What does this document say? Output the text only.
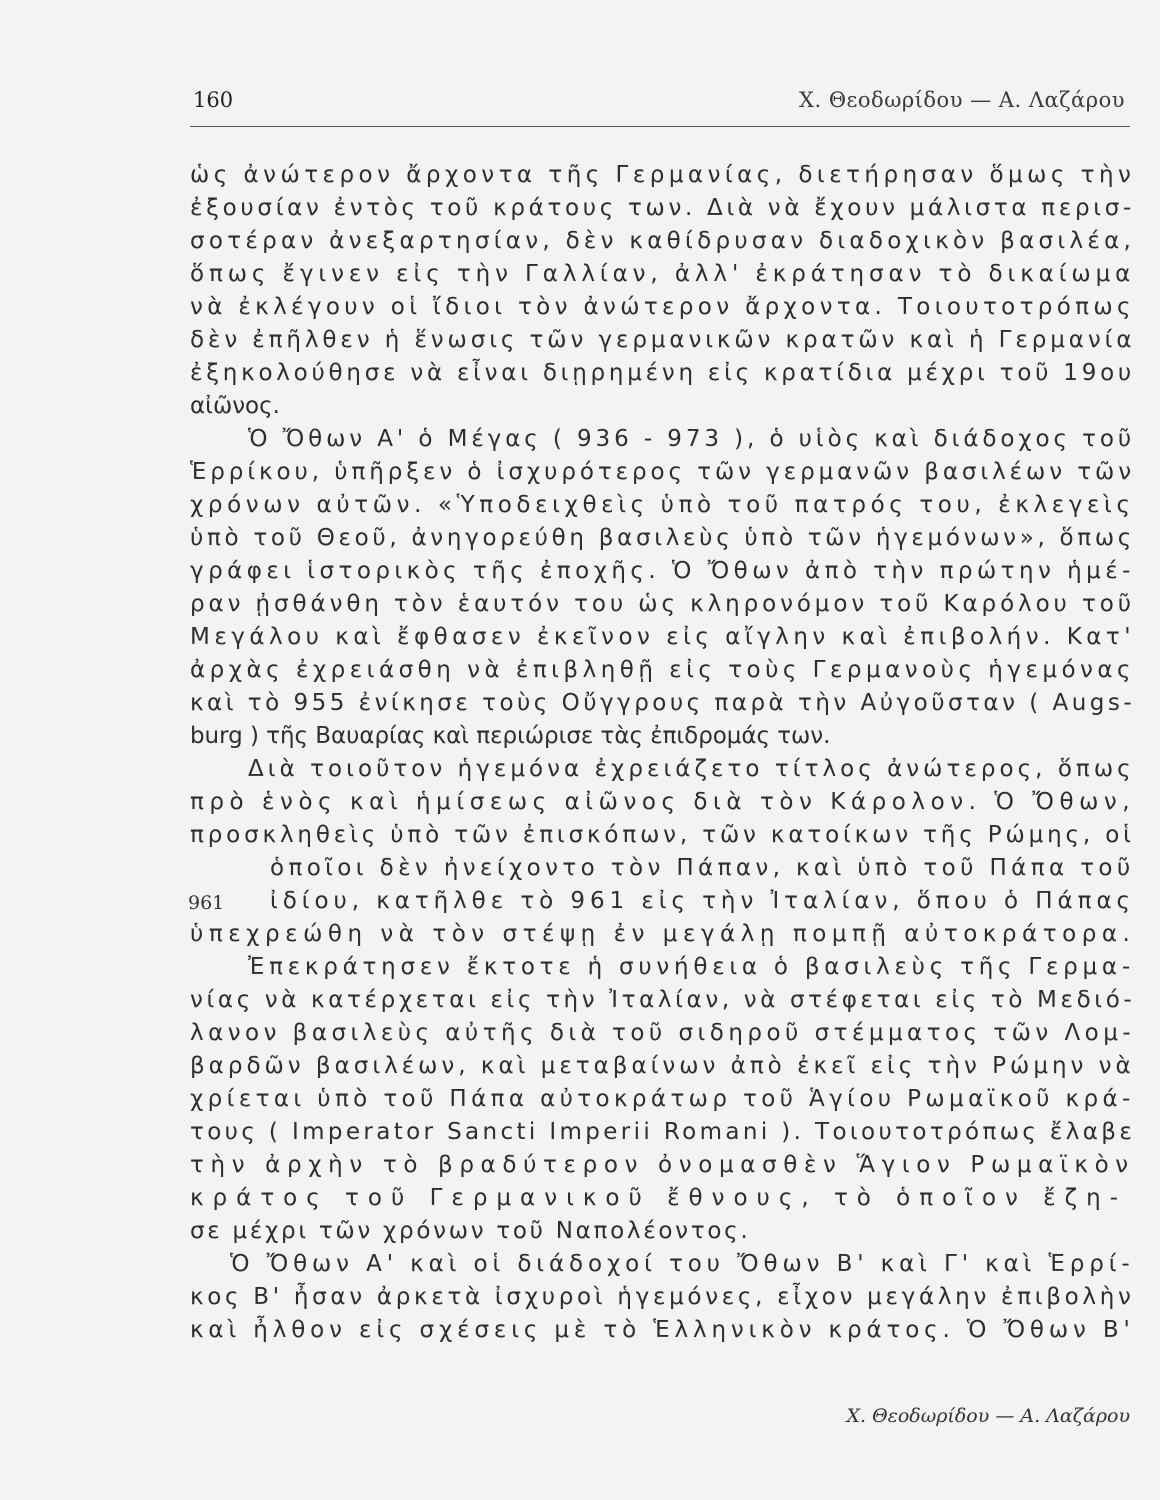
160	Χ. Θεοδωρίδου — Α. Λαζάρου
ὡς ἀνώτερον ἄρχοντα τῆς Γερμανίας, διετήρησαν ὅμως τὴν
ἐξουσίαν ἐντὸς τοῦ κράτους των. Διὰ νὰ ἔχουν μάλιστα περισ-
σοτέραν ἀνεξαρτησίαν, δὲν καθίδρυσαν διαδοχικὸν βασιλέα,
ὅπως ἔγινεν εἰς τὴν Γαλλίαν, ἀλλ' ἐκράτησαν τὸ δικαίωμα
νὰ ἐκλέγουν οἱ ἴδιοι τὸν ἀνώτερον ἄρχοντα. Τοιουτοτρόπως
δὲν ἐπῆλθεν ἡ ἕνωσις τῶν γερμανικῶν κρατῶν καὶ ἡ Γερμανία
ἐξηκολούθησε νὰ εἶναι διῃρημένη εἰς κρατίδια μέχρι τοῦ 19ου
αἰῶνος.
Ὁ Ὄθων Α' ὁ Μέγας ( 936 - 973 ), ὁ υἱὸς καὶ διάδοχος τοῦ
Ἑρρίκου, ὑπῆρξεν ὁ ἰσχυρότερος τῶν γερμανῶν βασιλέων τῶν
χρόνων αὐτῶν. «Ὑποδειχθεὶς ὑπὸ τοῦ πατρός του, ἐκλεγεὶς
ὑπὸ τοῦ Θεοῦ, ἀνηγορεύθη βασιλεὺς ὑπὸ τῶν ἡγεμόνων», ὅπως
γράφει ἱστορικὸς τῆς ἐποχῆς. Ὁ Ὄθων ἀπὸ τὴν πρώτην ἡμέ-
ραν ᾐσθάνθη τὸν ἑαυτόν του ὡς κληρονόμον τοῦ Καρόλου τοῦ
Μεγάλου καὶ ἔφθασεν ἐκεῖνον εἰς αἴγλην καὶ ἐπιβολήν. Κατ'
ἀρχὰς ἐχρειάσθη νὰ ἐπιβληθῇ εἰς τοὺς Γερμανοὺς ἡγεμόνας
καὶ τὸ 955 ἐνίκησε τοὺς Οὔγγρους παρὰ τὴν Αὐγοῦσταν ( Augs-
burg ) τῆς Βαυαρίας καὶ περιώρισε τὰς ἐπιδρομάς των.
Διὰ τοιοῦτον ἡγεμόνα ἐχρειάζετο τίτλος ἀνώτερος, ὅπως
πρὸ ἑνὸς καὶ ἡμίσεως αἰῶνος διὰ τὸν Κάρολον. Ὁ Ὄθων,
προσκληθεὶς ὑπὸ τῶν ἐπισκόπων, τῶν κατοίκων τῆς Ρώμης, οἱ
ὁποῖοι δὲν ἠνείχοντο τὸν Πάπαν, καὶ ὑπὸ τοῦ Πάπα τοῦ
ἰδίου, κατῆλθε τὸ 961 εἰς τὴν Ἰταλίαν, ὅπου ὁ Πάπας
ὑπεχρεώθη νὰ τὸν στέψῃ ἐν μεγάλῃ πομπῇ αὐτοκράτορα.
Ἐπεκράτησεν ἔκτοτε ἡ συνήθεια ὁ βασιλεὺς τῆς Γερμα-
νίας νὰ κατέρχεται εἰς τὴν Ἰταλίαν, νὰ στέφεται εἰς τὸ Μεδιό-
λανον βασιλεὺς αὐτῆς διὰ τοῦ σιδηροῦ στέμματος τῶν Λομ-
βαρδῶν βασιλέων, καὶ μεταβαίνων ἀπὸ ἐκεῖ εἰς τὴν Ρώμην νὰ
χρίεται ὑπὸ τοῦ Πάπα αὐτοκράτωρ τοῦ Ἁγίου Ρωμαϊκοῦ κρά-
τους ( Imperator Sancti Imperii Romani ). Τοιουτοτρόπως ἔλαβε
τὴν ἀρχὴν τὸ βραδύτερον ὀνομασθὲν Ἅγιον Ρωμαϊκὸν
κράτος τοῦ Γερμανικοῦ ἔθνους, τὸ ὁποῖον ἔζη-
σε μέχρι τῶν χρόνων τοῦ Ναπολέοντος.
Ὁ Ὄθων Α' καὶ οἱ διάδοχοί του Ὄθων Β' καὶ Γ' καὶ Ἑρρί-
κος Β' ἦσαν ἀρκετὰ ἰσχυροὶ ἡγεμόνες, εἶχον μεγάλην ἐπιβολὴν
καὶ ἦλθον εἰς σχέσεις μὲ τὸ Ἑλληνικὸν κράτος. Ὁ Ὄθων Β'
961
Χ. Θεοδωρίδου — Α. Λαζάρου
